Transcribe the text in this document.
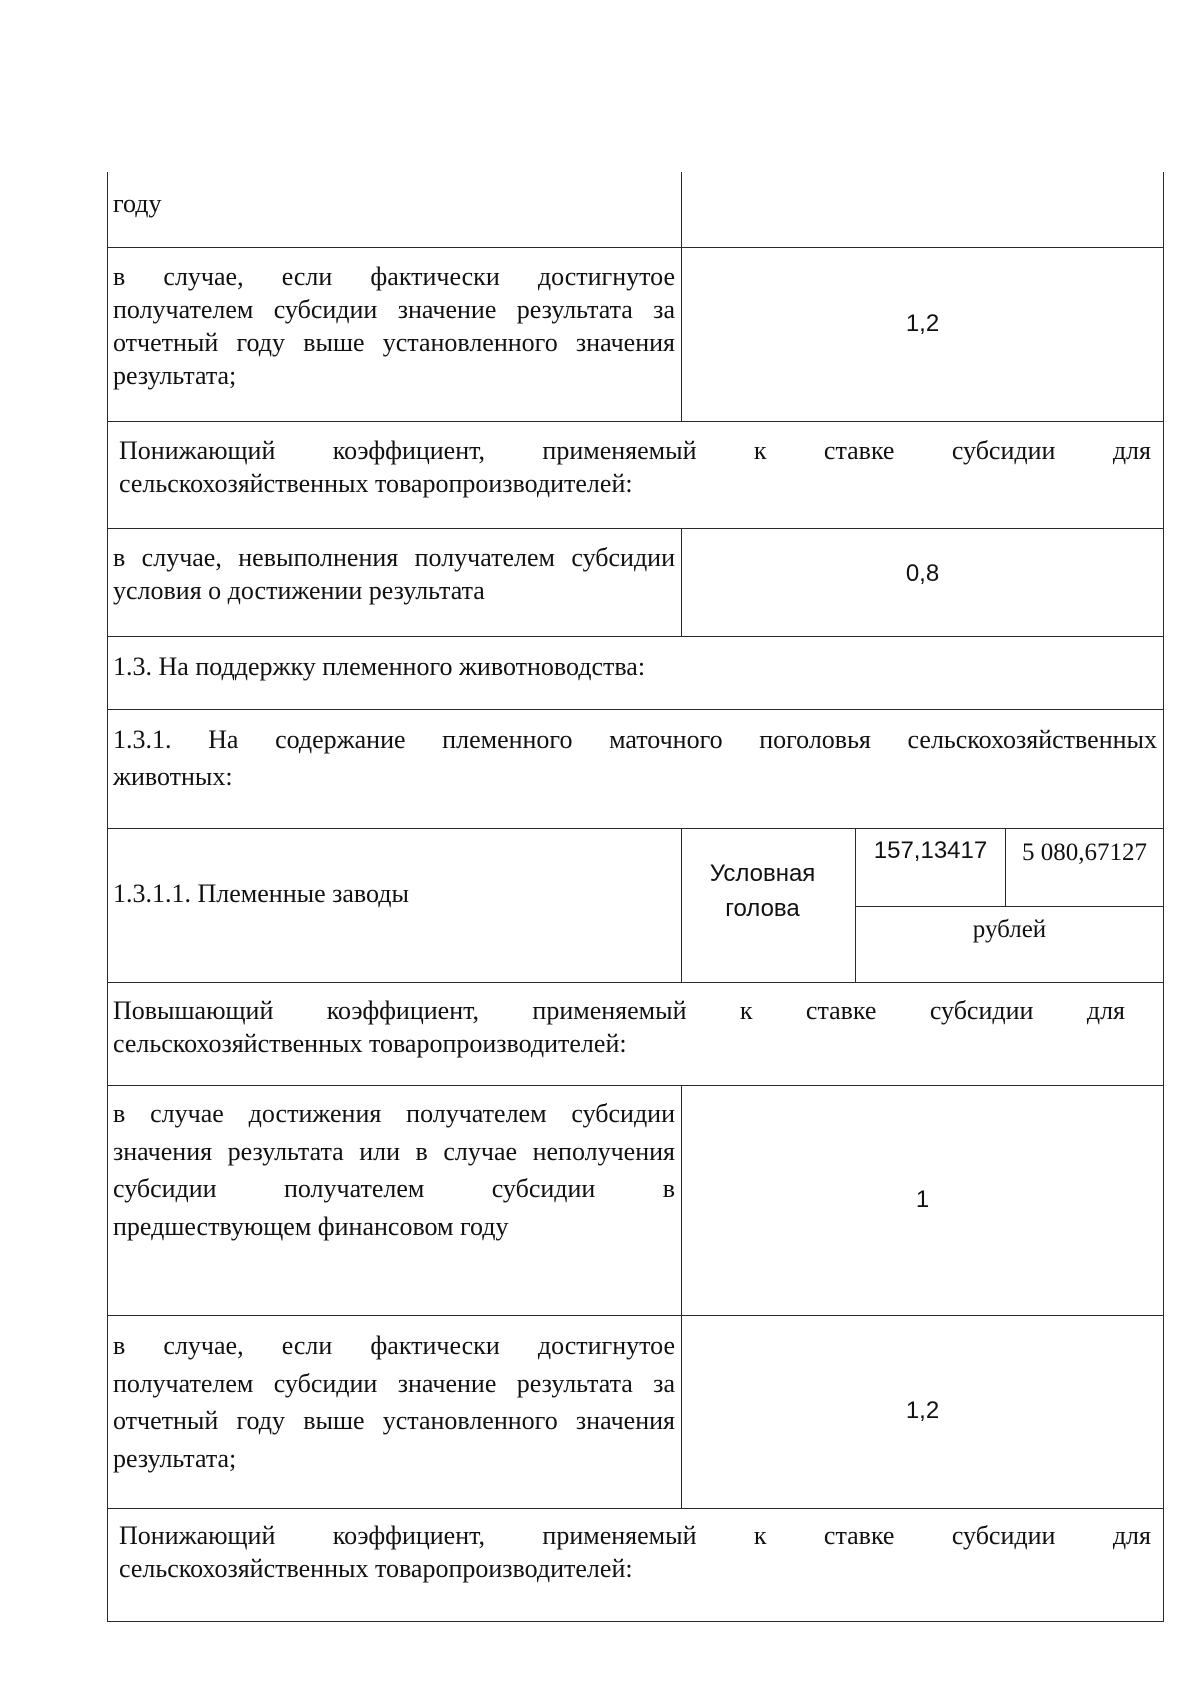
году
в случае, если фактически достигнутое получателем субсидии значение результата за отчетный году выше установленного значения результата;
1,2
Понижающий коэффициент, применяемый к ставке субсидии для
сельскохозяйственных товаропроизводителей:
в случае, невыполнения получателем субсидии условия о достижении результата
0,8
1.3. На поддержку племенного животноводства:
1.3.1. На содержание племенного маточного поголовья сельскохозяйственных
животных:
1.3.1.1. Племенные заводы
Условная голова
157,13417	5 080,67127
рублей
Повышающий коэффициент, применяемый к ставке субсидии для
сельскохозяйственных товаропроизводителей:
в случае достижения получателем субсидии значения результата или в случае неполучения субсидии получателем субсидии в предшествующем финансовом году
1
в случае, если фактически достигнутое получателем субсидии значение результата за отчетный году выше установленного значения результата;
1,2
Понижающий коэффициент, применяемый к ставке субсидии для
сельскохозяйственных товаропроизводителей:
